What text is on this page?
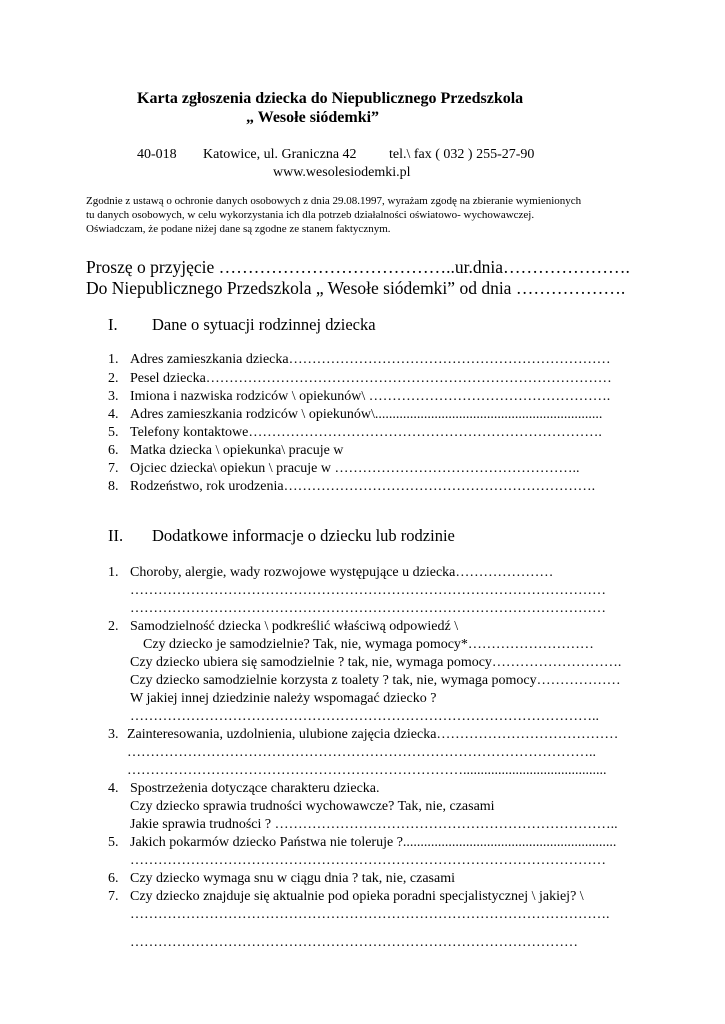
Karta zgłoszenia dziecka do Niepublicznego Przedszkola
„ Wesołe siódemki”
40-018 Katowice, ul. Graniczna 42 tel.\ fax ( 032 ) 255-27-90
www.wesolesiodemki.pl
Zgodnie z ustawą o ochronie danych osobowych z dnia 29.08.1997, wyrażam zgodę na zbieranie wymienionych
tu danych osobowych, w celu wykorzystania ich dla potrzeb działalności oświatowo- wychowawczej.
Oświadczam, że podane niżej dane są zgodne ze stanem faktycznym.
Proszę o przyjęcie …………………………………..ur.dnia………………….
Do Niepublicznego Przedszkola „ Wesołe siódemki” od dnia ……………….
I. Dane o sytuacji rodzinnej dziecka
1. Adres zamieszkania dziecka……………………………………………………………
2. Pesel dziecka……………………………………………………………………………
3. Imiona i nazwiska rodziców \ opiekunów\ …………………………………………….
4. Adres zamieszkania rodziców \ opiekunów\.................................................................
5. Telefony kontaktowe………………………………………………………………….
6. Matka dziecka \ opiekunka\ pracuje w
7. Ojciec dziecka\ opiekun \ pracuje w ……………………………………………..
8. Rodzeństwo, rok urodzenia………………………………………………………….
II. Dodatkowe informacje o dziecku lub rodzinie
1. Choroby, alergie, wady rozwojowe występujące u dziecka…………………
…………………………………………………………………………………………
…………………………………………………………………………………………
2. Samodzielność dziecka \ podkreślić właściwą odpowiedź \
Czy dziecko je samodzielnie? Tak, nie, wymaga pomocy*………………………
Czy dziecko ubiera się samodzielnie ? tak, nie, wymaga pomocy……………………….
Czy dziecko samodzielnie korzysta z toalety ? tak, nie, wymaga pomocy………………
W jakiej innej dziedzinie należy wspomagać dziecko ?
………………………………………………………………………………………..
3. Zainteresowania, uzdolnienia, ulubione zajęcia dziecka…………………………………
………………………………………………………………………………………..
……………………………………………………………….........................................
4. Spostrzeżenia dotyczące charakteru dziecka.
Czy dziecko sprawia trudności wychowawcze? Tak, nie, czasami
Jakie sprawia trudności ? ………………………………………………………………..
5. Jakich pokarmów dziecko Państwa nie toleruje ?.............................................................
…………………………………………………………………………………………
6. Czy dziecko wymaga snu w ciągu dnia ? tak, nie, czasami
7. Czy dziecko znajduje się aktualnie pod opieka poradni specjalistycznej \ jakiej? \
………………………………………………………………………………………….
……………………………………………………………………………………
